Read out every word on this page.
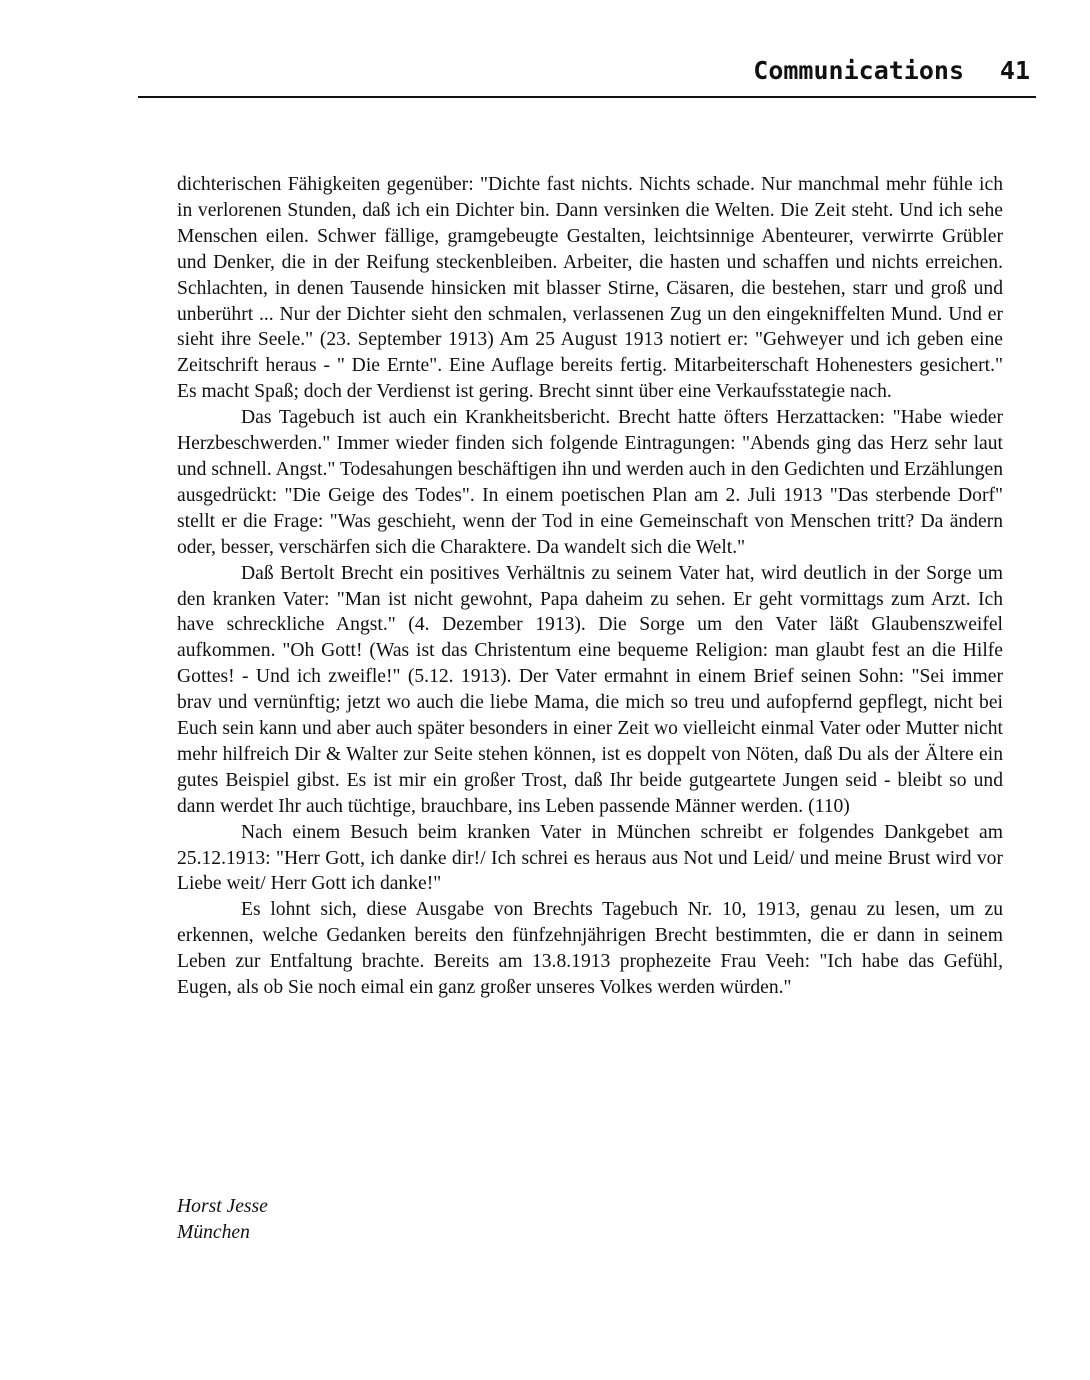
Communications 41

dichterischen Fähigkeiten gegenüber: "Dichte fast nichts. Nichts schade. Nur manchmal mehr fühle ich in verlorenen Stunden, daß ich ein Dichter bin. Dann versinken die Welten. Die Zeit steht. Und ich sehe Menschen eilen. Schwer fällige, gramgebeugte Gestalten, leichtsinnige Abenteurer, verwirrte Grübler und Denker, die in der Reifung steckenbleiben. Arbeiter, die hasten und schaffen und nichts erreichen. Schlachten, in denen Tausende hinsicken mit blasser Stirne, Cäsaren, die bestehen, starr und groß und unberührt ... Nur der Dichter sieht den schmalen, verlassenen Zug un den eingekniffelten Mund. Und er sieht ihre Seele." (23. September 1913) Am 25 August 1913 notiert er: "Gehweyer und ich geben eine Zeitschrift heraus - " Die Ernte". Eine Auflage bereits fertig. Mitarbeiterschaft Hohenesters gesichert." Es macht Spaß; doch der Verdienst ist gering. Brecht sinnt über eine Verkaufsstategie nach.

Das Tagebuch ist auch ein Krankheitsbericht. Brecht hatte öfters Herzattacken: "Habe wieder Herzbeschwerden." Immer wieder finden sich folgende Eintragungen: "Abends ging das Herz sehr laut und schnell. Angst." Todesahungen beschäftigen ihn und werden auch in den Gedichten und Erzählungen ausgedrückt: "Die Geige des Todes". In einem poetischen Plan am 2. Juli 1913 "Das sterbende Dorf" stellt er die Frage: "Was geschieht, wenn der Tod in eine Gemeinschaft von Menschen tritt? Da ändern oder, besser, verschärfen sich die Charaktere. Da wandelt sich die Welt."

Daß Bertolt Brecht ein positives Verhältnis zu seinem Vater hat, wird deutlich in der Sorge um den kranken Vater: "Man ist nicht gewohnt, Papa daheim zu sehen. Er geht vormittags zum Arzt. Ich have schreckliche Angst." (4. Dezember 1913). Die Sorge um den Vater läßt Glaubenszweifel aufkommen. "Oh Gott! (Was ist das Christentum eine bequeme Religion: man glaubt fest an die Hilfe Gottes! - Und ich zweifle!" (5.12. 1913). Der Vater ermahnt in einem Brief seinen Sohn: "Sei immer brav und vernünftig; jetzt wo auch die liebe Mama, die mich so treu und aufopfernd gepflegt, nicht bei Euch sein kann und aber auch später besonders in einer Zeit wo vielleicht einmal Vater oder Mutter nicht mehr hilfreich Dir & Walter zur Seite stehen können, ist es doppelt von Nöten, daß Du als der Ältere ein gutes Beispiel gibst. Es ist mir ein großer Trost, daß Ihr beide gutgeartete Jungen seid - bleibt so und dann werdet Ihr auch tüchtige, brauchbare, ins Leben passende Männer werden. (110)

Nach einem Besuch beim kranken Vater in München schreibt er folgendes Dankgebet am 25.12.1913: "Herr Gott, ich danke dir!/ Ich schrei es heraus aus Not und Leid/ und meine Brust wird vor Liebe weit/ Herr Gott ich danke!"

Es lohnt sich, diese Ausgabe von Brechts Tagebuch Nr. 10, 1913, genau zu lesen, um zu erkennen, welche Gedanken bereits den fünfzehnjährigen Brecht bestimmten, die er dann in seinem Leben zur Entfaltung brachte. Bereits am 13.8.1913 prophezeite Frau Veeh: "Ich habe das Gefühl, Eugen, als ob Sie noch eimal ein ganz großer unseres Volkes werden würden."

Horst Jesse
München
